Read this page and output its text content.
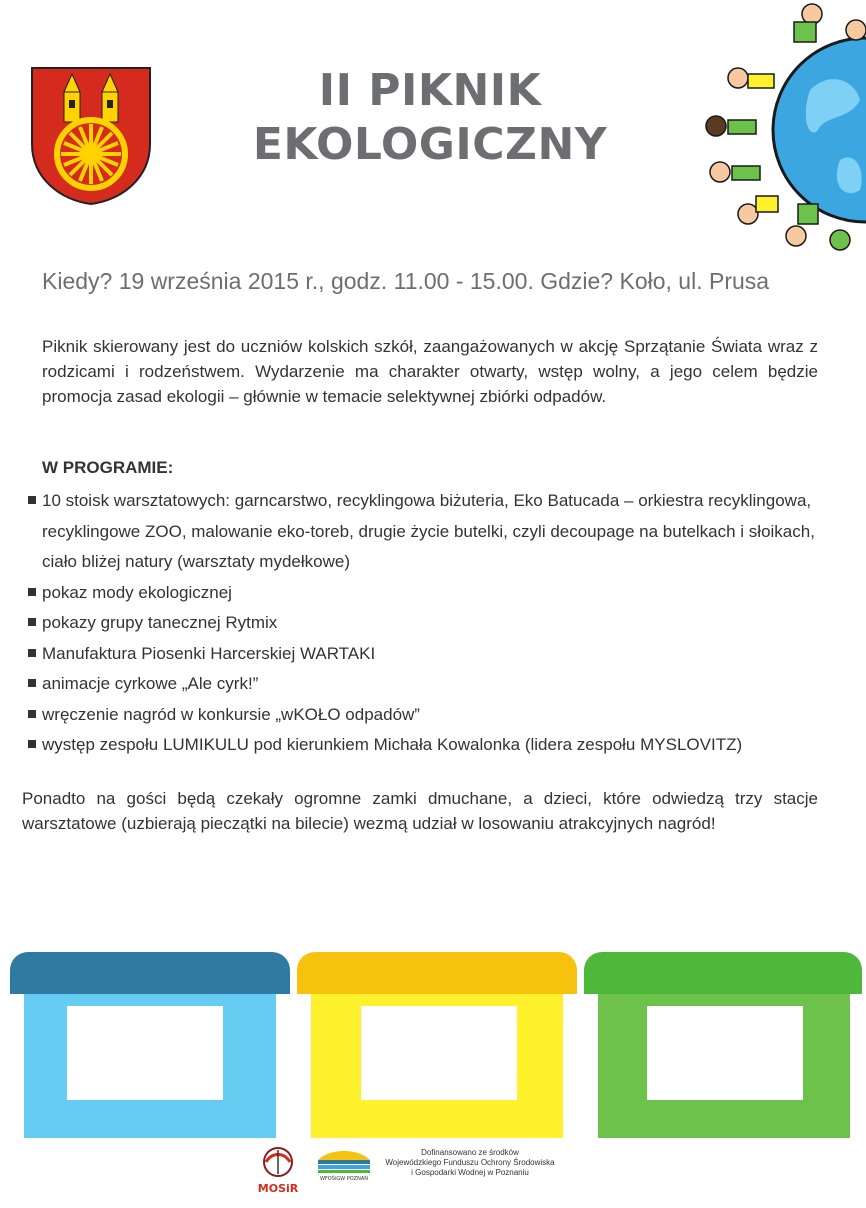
II PIKNIK
EKOLOGICZNY
Kiedy? 19 września 2015 r., godz. 11.00 - 15.00. Gdzie? Koło, ul. Prusa
Piknik skierowany jest do uczniów kolskich szkół, zaangażowanych w akcję Sprzątanie Świata wraz z rodzicami i rodzeństwem. Wydarzenie ma charakter otwarty, wstęp wolny, a jego celem będzie promocja zasad ekologii – głównie w temacie selektywnej zbiórki odpadów.
W PROGRAMIE:
10 stoisk warsztatowych: garncarstwo, recyklingowa biżuteria, Eko Batucada – orkiestra recyklingowa, recyklingowe ZOO, malowanie eko-toreb, drugie życie butelki, czyli decoupage na butelkach i słoikach, ciało bliżej natury (warsztaty mydełkowe)
pokaz mody ekologicznej
pokazy grupy tanecznej Rytmix
Manufaktura Piosenki Harcerskiej WARTAKI
animacje cyrkowe „Ale cyrk!”
wręczenie nagród w konkursie „wKOŁO odpadów”
występ zespołu LUMIKULU pod kierunkiem Michała Kowalonka (lidera zespołu MYSLOVITZ)
Ponadto na gości będą czekały ogromne zamki dmuchane, a dzieci, które odwiedzą trzy stacje warsztatowe (uzbierają pieczątki na bilecie) wezmą udział w losowaniu atrakcyjnych nagród!
MOSiR
WFOŚiGW POZNAŃ
Dofinansowano ze środków
Wojewódzkiego Funduszu Ochrony Środowiska
i Gospodarki Wodnej w Poznaniu
